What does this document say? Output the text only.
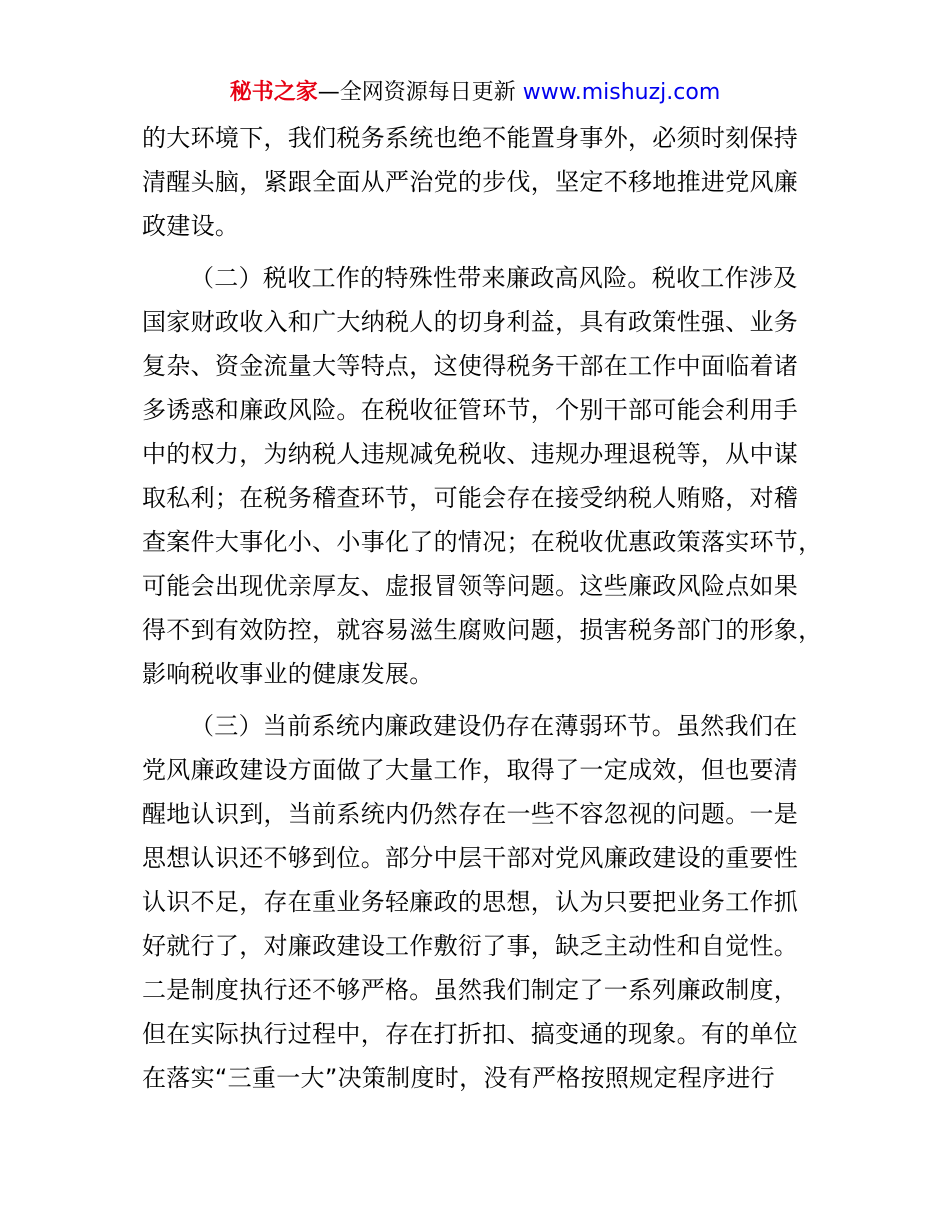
秘书之家—全网资源每日更新 www.mishuzj.com
的大环境下，我们税务系统也绝不能置身事外，必须时刻保持
清醒头脑，紧跟全面从严治党的步伐，坚定不移地推进党风廉
政建设。
（二）税收工作的特殊性带来廉政高风险。税收工作涉及
国家财政收入和广大纳税人的切身利益，具有政策性强、业务
复杂、资金流量大等特点，这使得税务干部在工作中面临着诸
多诱惑和廉政风险。在税收征管环节，个别干部可能会利用手
中的权力，为纳税人违规减免税收、违规办理退税等，从中谋
取私利；在税务稽查环节，可能会存在接受纳税人贿赂，对稽
查案件大事化小、小事化了的情况；在税收优惠政策落实环节，
可能会出现优亲厚友、虚报冒领等问题。这些廉政风险点如果
得不到有效防控，就容易滋生腐败问题，损害税务部门的形象，
影响税收事业的健康发展。
（三）当前系统内廉政建设仍存在薄弱环节。虽然我们在
党风廉政建设方面做了大量工作，取得了一定成效，但也要清
醒地认识到，当前系统内仍然存在一些不容忽视的问题。一是
思想认识还不够到位。部分中层干部对党风廉政建设的重要性
认识不足，存在重业务轻廉政的思想，认为只要把业务工作抓
好就行了，对廉政建设工作敷衍了事，缺乏主动性和自觉性。
二是制度执行还不够严格。虽然我们制定了一系列廉政制度，
但在实际执行过程中，存在打折扣、搞变通的现象。有的单位
在落实“三重一大”决策制度时，没有严格按照规定程序进行
